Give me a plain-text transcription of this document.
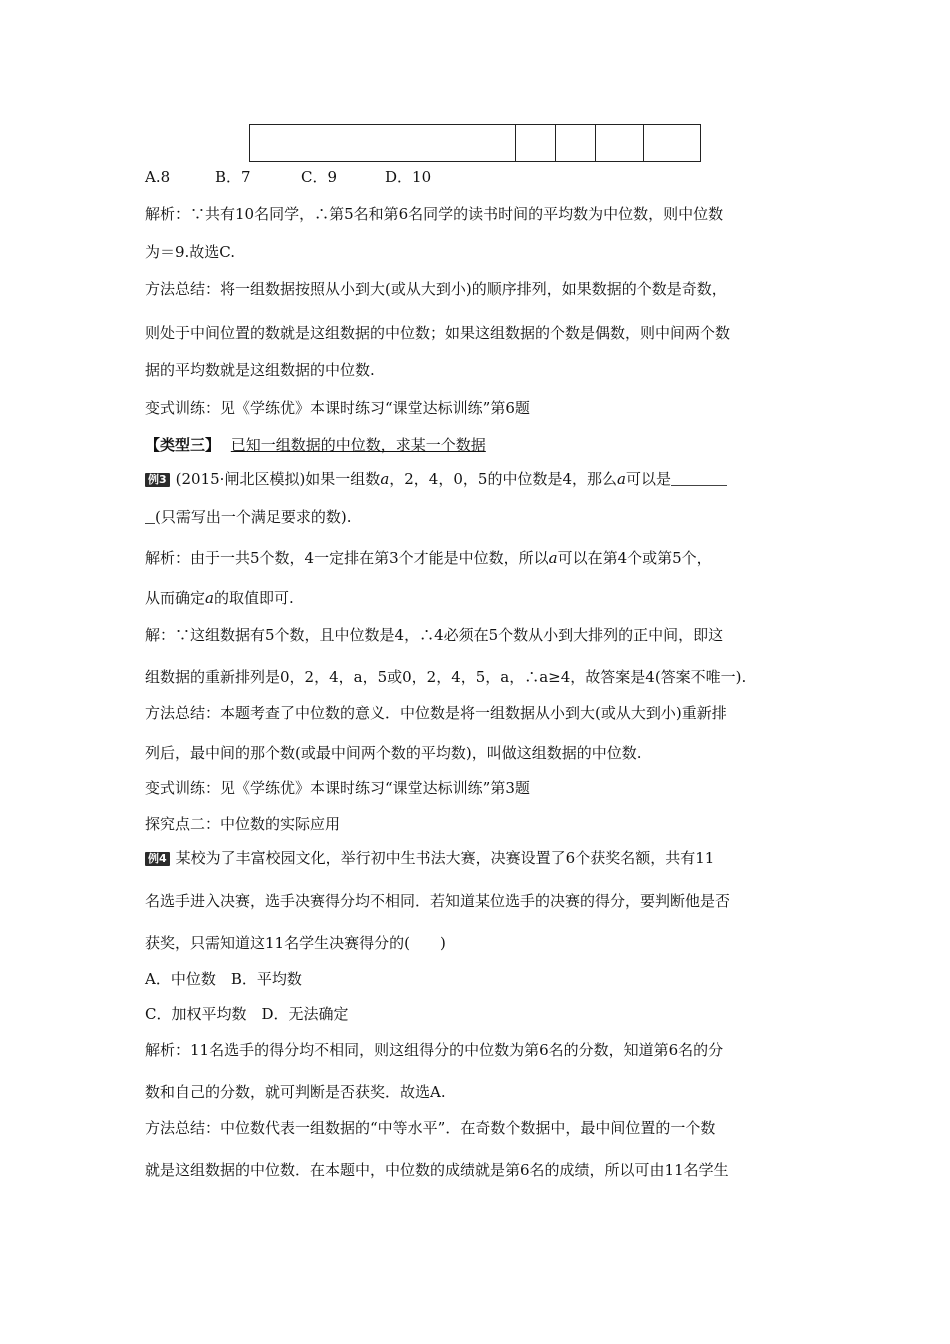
A.8	B．7	C．9	D．10
解析：∵共有10名同学，∴第5名和第6名同学的读书时间的平均数为中位数，则中位数
为＝9.故选C.
方法总结：将一组数据按照从小到大(或从大到小)的顺序排列，如果数据的个数是奇数，
则处于中间位置的数就是这组数据的中位数；如果这组数据的个数是偶数，则中间两个数
据的平均数就是这组数据的中位数.
变式训练：见《学练优》本课时练习“课堂达标训练”第6题
【类型三】 已知一组数据的中位数，求某一个数据
例3 (2015·闸北区模拟)如果一组数a，2，4，0，5的中位数是4，那么a可以是
(只需写出一个满足要求的数).
解析：由于一共5个数，4一定排在第3个才能是中位数，所以a可以在第4个或第5个，
从而确定a的取值即可.
解：∵这组数据有5个数，且中位数是4，∴4必须在5个数从小到大排列的正中间，即这
组数据的重新排列是0，2，4，a，5或0，2，4，5，a，∴a≥4，故答案是4(答案不唯一).
方法总结：本题考查了中位数的意义．中位数是将一组数据从小到大(或从大到小)重新排
列后，最中间的那个数(或最中间两个数的平均数)，叫做这组数据的中位数.
变式训练：见《学练优》本课时练习“课堂达标训练”第3题
探究点二：中位数的实际应用
例4 某校为了丰富校园文化，举行初中生书法大赛，决赛设置了6个获奖名额，共有11
名选手进入决赛，选手决赛得分均不相同．若知道某位选手的决赛的得分，要判断他是否
获奖，只需知道这11名学生决赛得分的(　　)
A．中位数　B．平均数
C．加权平均数　D．无法确定
解析：11名选手的得分均不相同，则这组得分的中位数为第6名的分数，知道第6名的分
数和自己的分数，就可判断是否获奖．故选A.
方法总结：中位数代表一组数据的“中等水平”．在奇数个数据中，最中间位置的一个数
就是这组数据的中位数．在本题中，中位数的成绩就是第6名的成绩，所以可由11名学生
